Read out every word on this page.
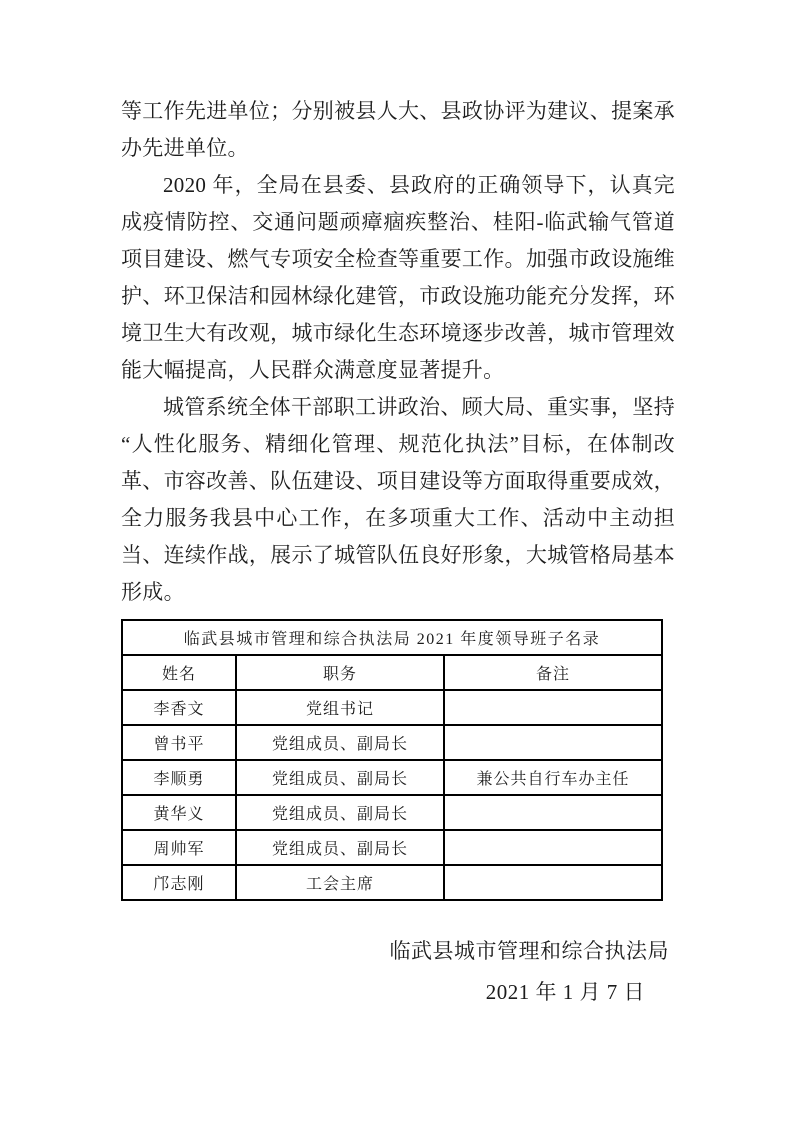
等工作先进单位；分别被县人大、县政协评为建议、提案承办先进单位。

2020 年，全局在县委、县政府的正确领导下，认真完成疫情防控、交通问题顽瘴痼疾整治、桂阳-临武输气管道项目建设、燃气专项安全检查等重要工作。加强市政设施维护、环卫保洁和园林绿化建管，市政设施功能充分发挥，环境卫生大有改观，城市绿化生态环境逐步改善，城市管理效能大幅提高，人民群众满意度显著提升。

城管系统全体干部职工讲政治、顾大局、重实事，坚持“人性化服务、精细化管理、规范化执法”目标，在体制改革、市容改善、队伍建设、项目建设等方面取得重要成效，全力服务我县中心工作，在多项重大工作、活动中主动担当、连续作战，展示了城管队伍良好形象，大城管格局基本形成。

临武县城市管理和综合执法局 2021 年度领导班子名录		
姓名	职务	备注
李香文	党组书记	
曾书平	党组成员、副局长	
李顺勇	党组成员、副局长	兼公共自行车办主任
黄华义	党组成员、副局长	
周帅军	党组成员、副局长	
邝志刚	工会主席	
临武县城市管理和综合执法局
2021 年 1 月 7 日
